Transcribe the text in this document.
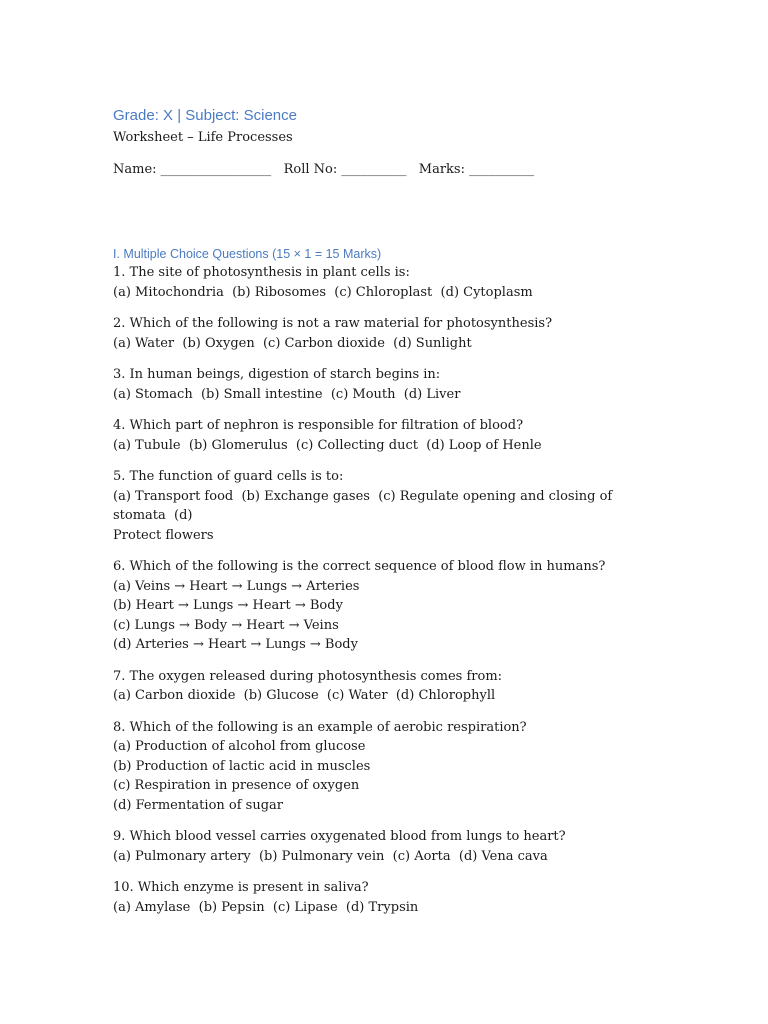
Grade: X | Subject: Science
Worksheet – Life Processes
Name: _________________ Roll No: __________ Marks: __________
I. Multiple Choice Questions (15 × 1 = 15 Marks)
1. The site of photosynthesis in plant cells is:
(a) Mitochondria  (b) Ribosomes  (c) Chloroplast  (d) Cytoplasm
2. Which of the following is not a raw material for photosynthesis?
(a) Water  (b) Oxygen  (c) Carbon dioxide  (d) Sunlight
3. In human beings, digestion of starch begins in:
(a) Stomach  (b) Small intestine  (c) Mouth  (d) Liver
4. Which part of nephron is responsible for filtration of blood?
(a) Tubule  (b) Glomerulus  (c) Collecting duct  (d) Loop of Henle
5. The function of guard cells is to:
(a) Transport food  (b) Exchange gases  (c) Regulate opening and closing of stomata  (d)
Protect flowers
6. Which of the following is the correct sequence of blood flow in humans?
(a) Veins → Heart → Lungs → Arteries
(b) Heart → Lungs → Heart → Body
(c) Lungs → Body → Heart → Veins
(d) Arteries → Heart → Lungs → Body
7. The oxygen released during photosynthesis comes from:
(a) Carbon dioxide  (b) Glucose  (c) Water  (d) Chlorophyll
8. Which of the following is an example of aerobic respiration?
(a) Production of alcohol from glucose
(b) Production of lactic acid in muscles
(c) Respiration in presence of oxygen
(d) Fermentation of sugar
9. Which blood vessel carries oxygenated blood from lungs to heart?
(a) Pulmonary artery  (b) Pulmonary vein  (c) Aorta  (d) Vena cava
10. Which enzyme is present in saliva?
(a) Amylase  (b) Pepsin  (c) Lipase  (d) Trypsin
